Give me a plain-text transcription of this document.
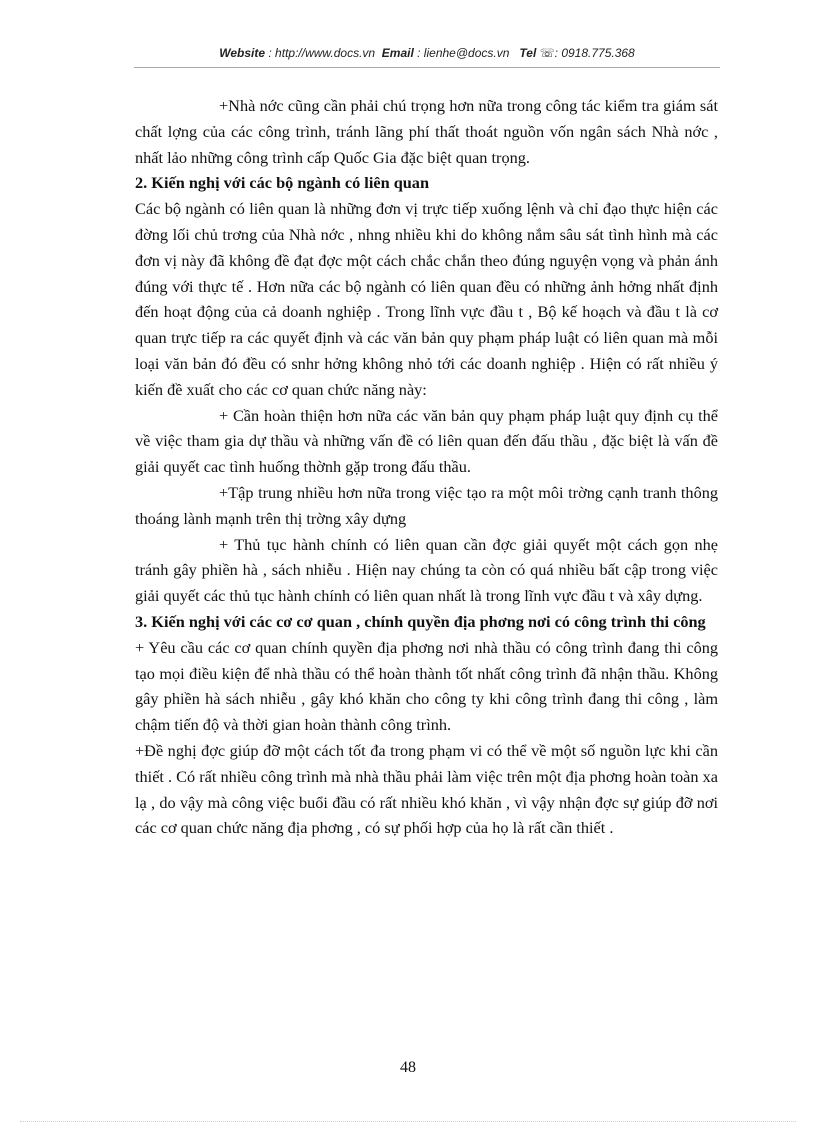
Website : http://www.docs.vn Email : lienhe@docs.vn Tel ☏: 0918.775.368

+Nhà nớc cũng cần phải chú trọng hơn nữa trong công tác kiểm tra giám sát chất lợng của các công trình, tránh lãng phí thất thoát nguồn vốn ngân sách Nhà nớc , nhất lảo những công trình cấp Quốc Gia đặc biệt quan trọng.

2. Kiến nghị với các bộ ngành có liên quan

Các bộ ngành có liên quan là những đơn vị trực tiếp xuống lệnh và chỉ đạo thực hiện các đờng lối chủ trơng của Nhà nớc , nhng nhiều khi do không nắm sâu sát tình hình mà các đơn vị này đã không đề đạt đợc một cách chắc chắn theo đúng nguyện vọng và phản ánh đúng với thực tế . Hơn nữa các bộ ngành có liên quan đều có những ảnh hởng nhất định đến hoạt động của cả doanh nghiệp . Trong lĩnh vực đầu t , Bộ kế hoạch và đầu t là cơ quan trực tiếp ra các quyết định và các văn bản quy phạm pháp luật có liên quan mà mỗi loại văn bản đó đều có snhr hởng không nhỏ tới các doanh nghiệp . Hiện có rất nhiều ý kiến đề xuất cho các cơ quan chức năng này:

+ Cần hoàn thiện hơn nữa các văn bản quy phạm pháp luật quy định cụ thể về việc tham gia dự thầu và những vấn đề có liên quan đến đấu thầu , đặc biệt là vấn đề giải quyết cac tình huống thờnh gặp trong đấu thầu.

+Tập trung nhiều hơn nữa trong việc tạo ra một môi trờng cạnh tranh thông thoáng lành mạnh trên thị trờng xây dựng

+ Thủ tục hành chính có liên quan cần đợc giải quyết một cách gọn nhẹ tránh gây phiền hà , sách nhiễu . Hiện nay chúng ta còn có quá nhiều bất cập trong việc giải quyết các thủ tục hành chính có liên quan nhất là trong lĩnh vực đầu t và xây dựng.

3. Kiến nghị với các cơ cơ quan , chính quyền địa phơng nơi có công trình thi công

+ Yêu cầu các cơ quan chính quyền địa phơng nơi nhà thầu có công trình đang thi công tạo mọi điều kiện để nhà thầu có thể hoàn thành tốt nhất công trình đã nhận thầu. Không gây phiền hà sách nhiễu , gây khó khăn cho công ty khi công trình đang thi công , làm chậm tiến độ và thời gian hoàn thành công trình.

+Đề nghị đợc giúp đỡ một cách tốt đa trong phạm vi có thể về một số nguồn lực khi cần thiết . Có rất nhiều công trình mà nhà thầu phải làm việc trên một địa phơng hoàn toàn xa lạ , do vậy mà công việc buổi đầu có rất nhiều khó khăn , vì vậy nhận đợc sự giúp đỡ nơi các cơ quan chức năng địa phơng , có sự phối hợp của họ là rất cần thiết .

48
